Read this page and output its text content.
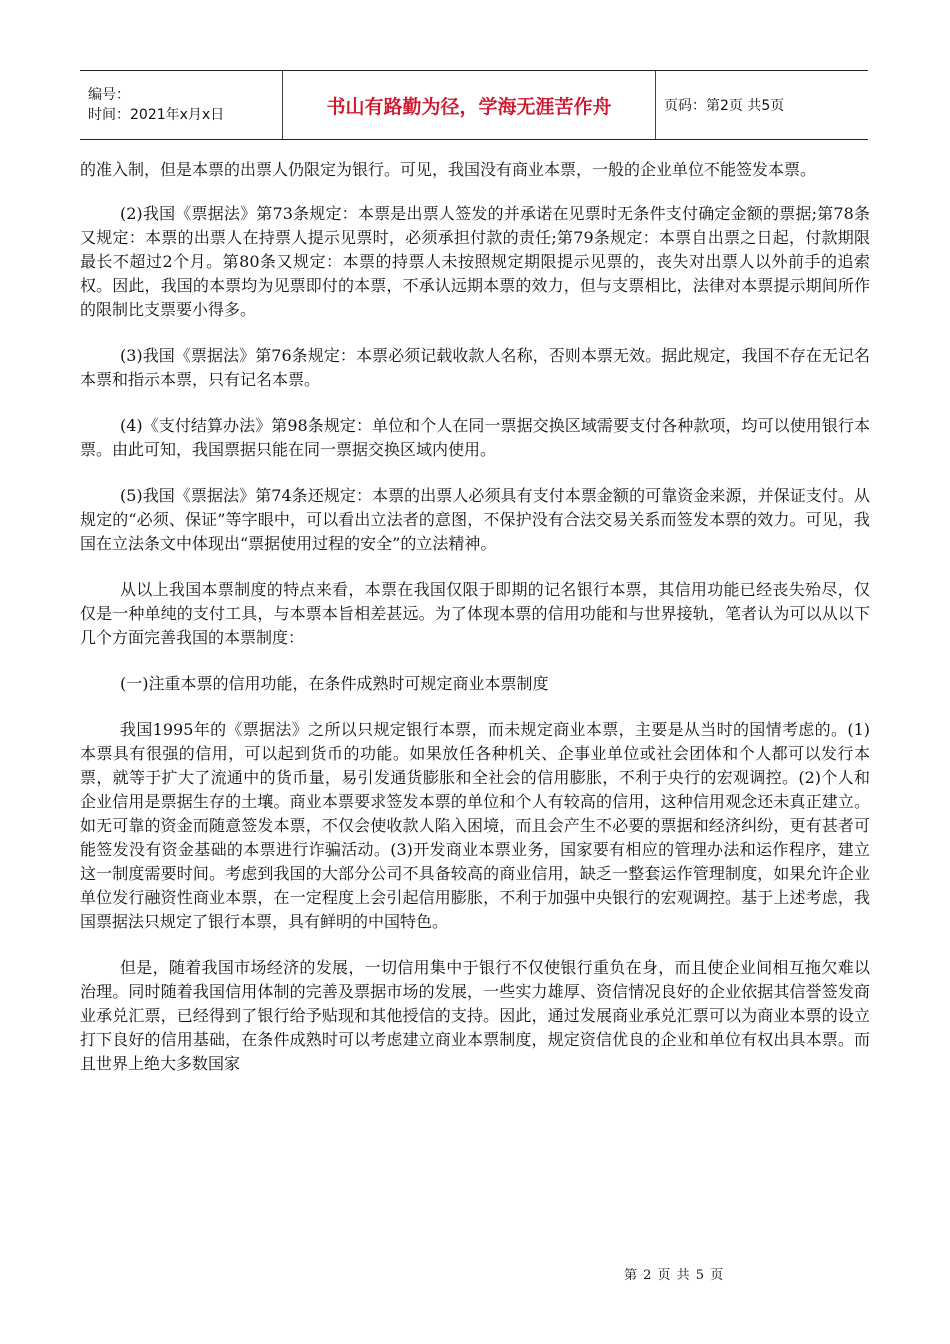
编号：
时间：2021年x月x日	书山有路勤为径，学海无涯苦作舟	页码：第2页 共5页

的准入制，但是本票的出票人仍限定为银行。可见，我国没有商业本票，一般的企业单位不能签发本票。

(2)我国《票据法》第73条规定：本票是出票人签发的并承诺在见票时无条件支付确定金额的票据;第78条又规定：本票的出票人在持票人提示见票时，必须承担付款的责任;第79条规定：本票自出票之日起，付款期限最长不超过2个月。第80条又规定：本票的持票人未按照规定期限提示见票的，丧失对出票人以外前手的追索权。因此，我国的本票均为见票即付的本票，不承认远期本票的效力，但与支票相比，法律对本票提示期间所作的限制比支票要小得多。

(3)我国《票据法》第76条规定：本票必须记载收款人名称，否则本票无效。据此规定，我国不存在无记名本票和指示本票，只有记名本票。

(4)《支付结算办法》第98条规定：单位和个人在同一票据交换区域需要支付各种款项，均可以使用银行本票。由此可知，我国票据只能在同一票据交换区域内使用。

(5)我国《票据法》第74条还规定：本票的出票人必须具有支付本票金额的可靠资金来源，并保证支付。从规定的“必须、保证”等字眼中，可以看出立法者的意图，不保护没有合法交易关系而签发本票的效力。可见，我国在立法条文中体现出“票据使用过程的安全”的立法精神。

从以上我国本票制度的特点来看，本票在我国仅限于即期的记名银行本票，其信用功能已经丧失殆尽，仅仅是一种单纯的支付工具，与本票本旨相差甚远。为了体现本票的信用功能和与世界接轨，笔者认为可以从以下几个方面完善我国的本票制度：

(一)注重本票的信用功能，在条件成熟时可规定商业本票制度

我国1995年的《票据法》之所以只规定银行本票，而未规定商业本票，主要是从当时的国情考虑的。(1)本票具有很强的信用，可以起到货币的功能。如果放任各种机关、企事业单位或社会团体和个人都可以发行本票，就等于扩大了流通中的货币量，易引发通货膨胀和全社会的信用膨胀，不利于央行的宏观调控。(2)个人和企业信用是票据生存的土壤。商业本票要求签发本票的单位和个人有较高的信用，这种信用观念还未真正建立。如无可靠的资金而随意签发本票，不仅会使收款人陷入困境，而且会产生不必要的票据和经济纠纷，更有甚者可能签发没有资金基础的本票进行诈骗活动。(3)开发商业本票业务，国家要有相应的管理办法和运作程序，建立这一制度需要时间。考虑到我国的大部分公司不具备较高的商业信用，缺乏一整套运作管理制度，如果允许企业单位发行融资性商业本票，在一定程度上会引起信用膨胀，不利于加强中央银行的宏观调控。基于上述考虑，我国票据法只规定了银行本票，具有鲜明的中国特色。

但是，随着我国市场经济的发展，一切信用集中于银行不仅使银行重负在身，而且使企业间相互拖欠难以治理。同时随着我国信用体制的完善及票据市场的发展，一些实力雄厚、资信情况良好的企业依据其信誉签发商业承兑汇票，已经得到了银行给予贴现和其他授信的支持。因此，通过发展商业承兑汇票可以为商业本票的设立打下良好的信用基础，在条件成熟时可以考虑建立商业本票制度，规定资信优良的企业和单位有权出具本票。而且世界上绝大多数国家

第 2 页 共 5 页
